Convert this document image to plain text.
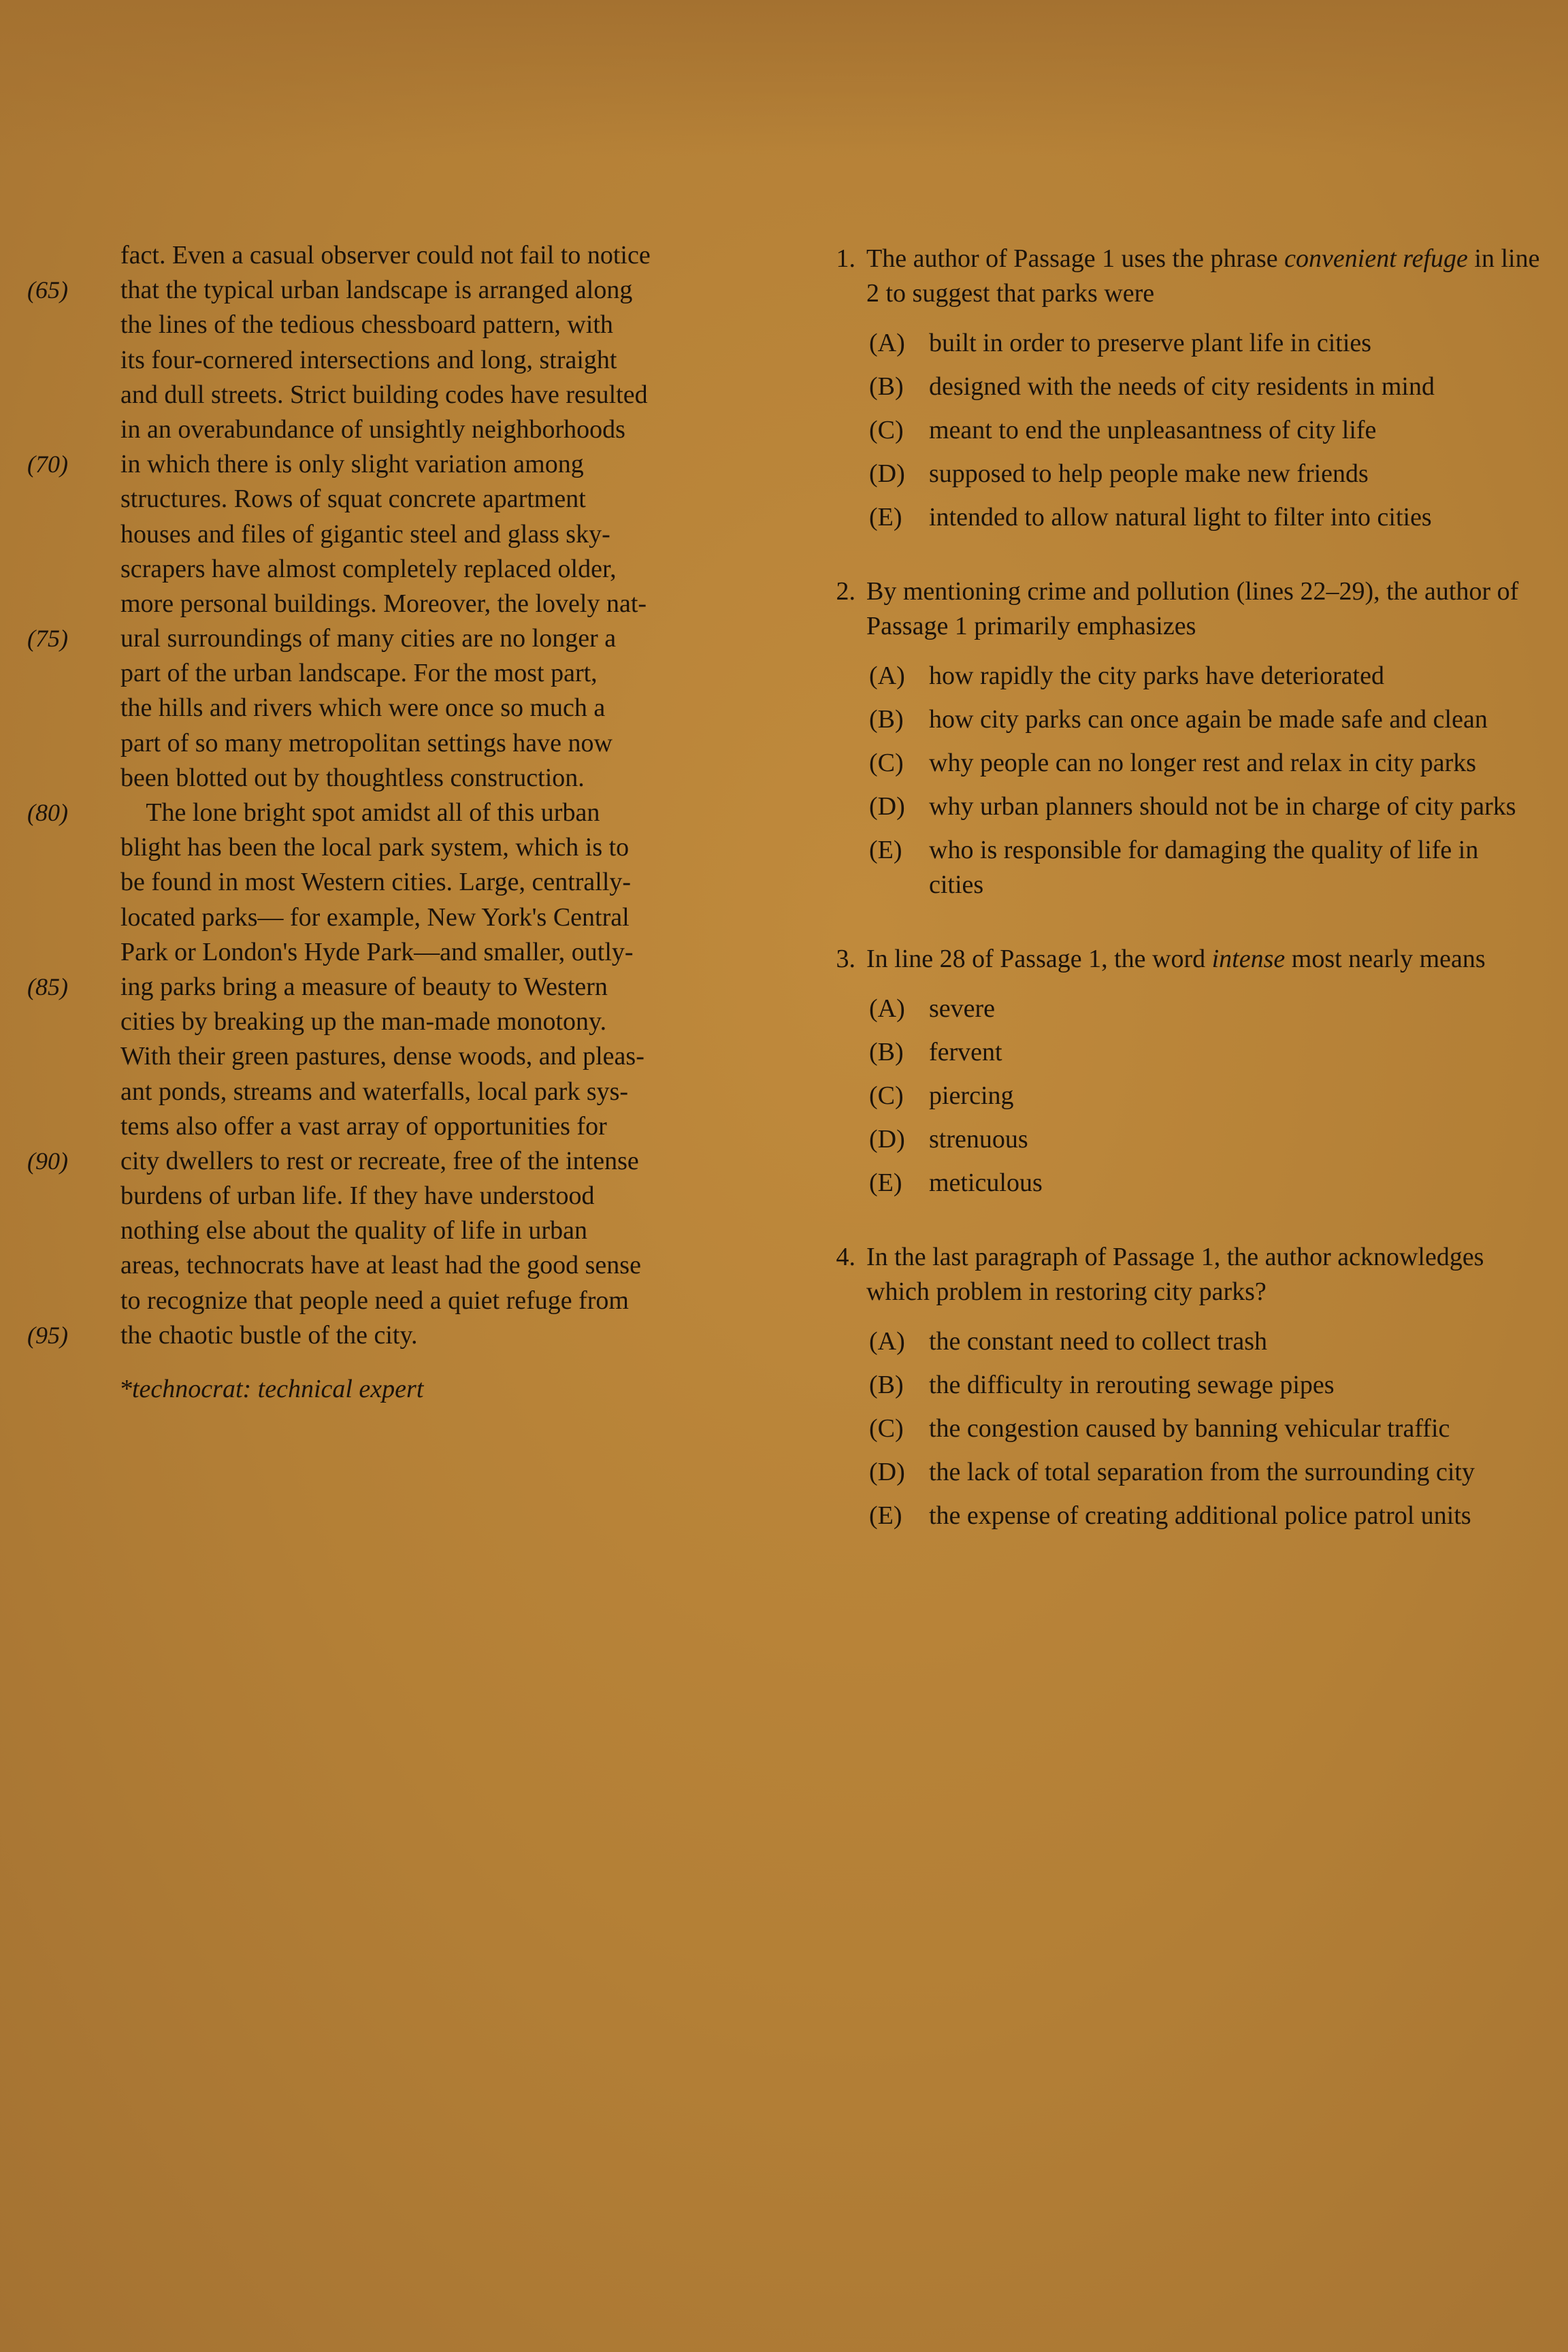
fact. Even a casual observer could not fail to notice
(65) that the typical urban landscape is arranged along
the lines of the tedious chessboard pattern, with
its four-cornered intersections and long, straight
and dull streets. Strict building codes have resulted
in an overabundance of unsightly neighborhoods
(70) in which there is only slight variation among
structures. Rows of squat concrete apartment
houses and files of gigantic steel and glass sky-
scrapers have almost completely replaced older,
more personal buildings. Moreover, the lovely nat-
(75) ural surroundings of many cities are no longer a
part of the urban landscape. For the most part,
the hills and rivers which were once so much a
part of so many metropolitan settings have now
been blotted out by thoughtless construction.
(80) The lone bright spot amidst all of this urban
blight has been the local park system, which is to
be found in most Western cities. Large, centrally-
located parks— for example, New York's Central
Park or London's Hyde Park—and smaller, outly-
(85) ing parks bring a measure of beauty to Western
cities by breaking up the man-made monotony.
With their green pastures, dense woods, and pleas-
ant ponds, streams and waterfalls, local park sys-
tems also offer a vast array of opportunities for
(90) city dwellers to rest or recreate, free of the intense
burdens of urban life. If they have understood
nothing else about the quality of life in urban
areas, technocrats have at least had the good sense
to recognize that people need a quiet refuge from
(95) the chaotic bustle of the city.
*technocrat: technical expert
1. The author of Passage 1 uses the phrase convenient refuge in line 2 to suggest that parks were
(A) built in order to preserve plant life in cities
(B) designed with the needs of city residents in mind
(C) meant to end the unpleasantness of city life
(D) supposed to help people make new friends
(E)	intended to allow natural light to filter into cities
2. By mentioning crime and pollution (lines 22–29), the author of Passage 1 primarily emphasizes
(A) how rapidly the city parks have deteriorated
(B) how city parks can once again be made safe and clean
(C) why people can no longer rest and relax in city parks
(D) why urban planners should not be in charge of city parks
(E)	who is responsible for damaging the quality of life in cities
3. In line 28 of Passage 1, the word intense most nearly means
(A) severe
(B) fervent
(C) piercing
(D) strenuous
(E)	meticulous
4. In the last paragraph of Passage 1, the author acknowledges which problem in restoring city parks?
(A) the constant need to collect trash
(B) the difficulty in rerouting sewage pipes
(C) the congestion caused by banning vehicular traffic
(D) the lack of total separation from the surrounding city
(E)	the expense of creating additional police patrol units
